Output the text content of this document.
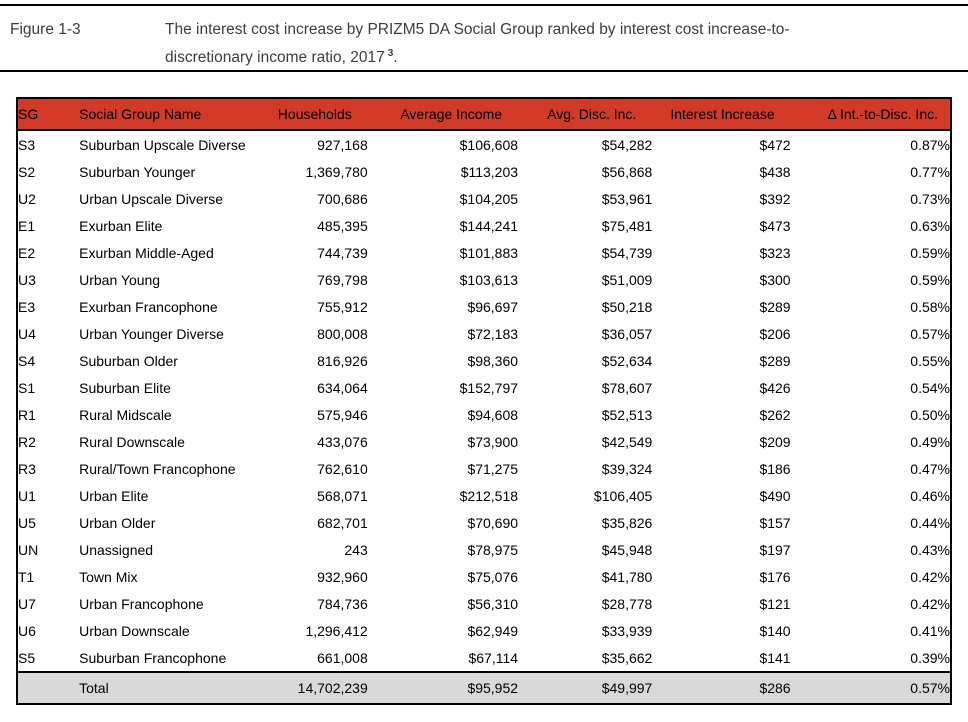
Figure 1-3	The interest cost increase by PRIZM5 DA Social Group ranked by interest cost increase-to-
discretionary income ratio, 2017 $^3$.
SG	Social Group Name	Households	Average Income	Avg. Disc. Inc.	Interest Increase	Δ Int.-to-Disc. Inc.
S3	Suburban Upscale Diverse	927,168	$106,608	$54,282	$472	0.87%
S2	Suburban Younger	1,369,780	$113,203	$56,868	$438	0.77%
U2	Urban Upscale Diverse	700,686	$104,205	$53,961	$392	0.73%
E1	Exurban Elite	485,395	$144,241	$75,481	$473	0.63%
E2	Exurban Middle-Aged	744,739	$101,883	$54,739	$323	0.59%
U3	Urban Young	769,798	$103,613	$51,009	$300	0.59%
E3	Exurban Francophone	755,912	$96,697	$50,218	$289	0.58%
U4	Urban Younger Diverse	800,008	$72,183	$36,057	$206	0.57%
S4	Suburban Older	816,926	$98,360	$52,634	$289	0.55%
S1	Suburban Elite	634,064	$152,797	$78,607	$426	0.54%
R1	Rural Midscale	575,946	$94,608	$52,513	$262	0.50%
R2	Rural Downscale	433,076	$73,900	$42,549	$209	0.49%
R3	Rural/Town Francophone	762,610	$71,275	$39,324	$186	0.47%
U1	Urban Elite	568,071	$212,518	$106,405	$490	0.46%
U5	Urban Older	682,701	$70,690	$35,826	$157	0.44%
UN	Unassigned	243	$78,975	$45,948	$197	0.43%
T1	Town Mix	932,960	$75,076	$41,780	$176	0.42%
U7	Urban Francophone	784,736	$56,310	$28,778	$121	0.42%
U6	Urban Downscale	1,296,412	$62,949	$33,939	$140	0.41%
S5	Suburban Francophone	661,008	$67,114	$35,662	$141	0.39%
	Total	14,702,239	$95,952	$49,997	$286	0.57%
